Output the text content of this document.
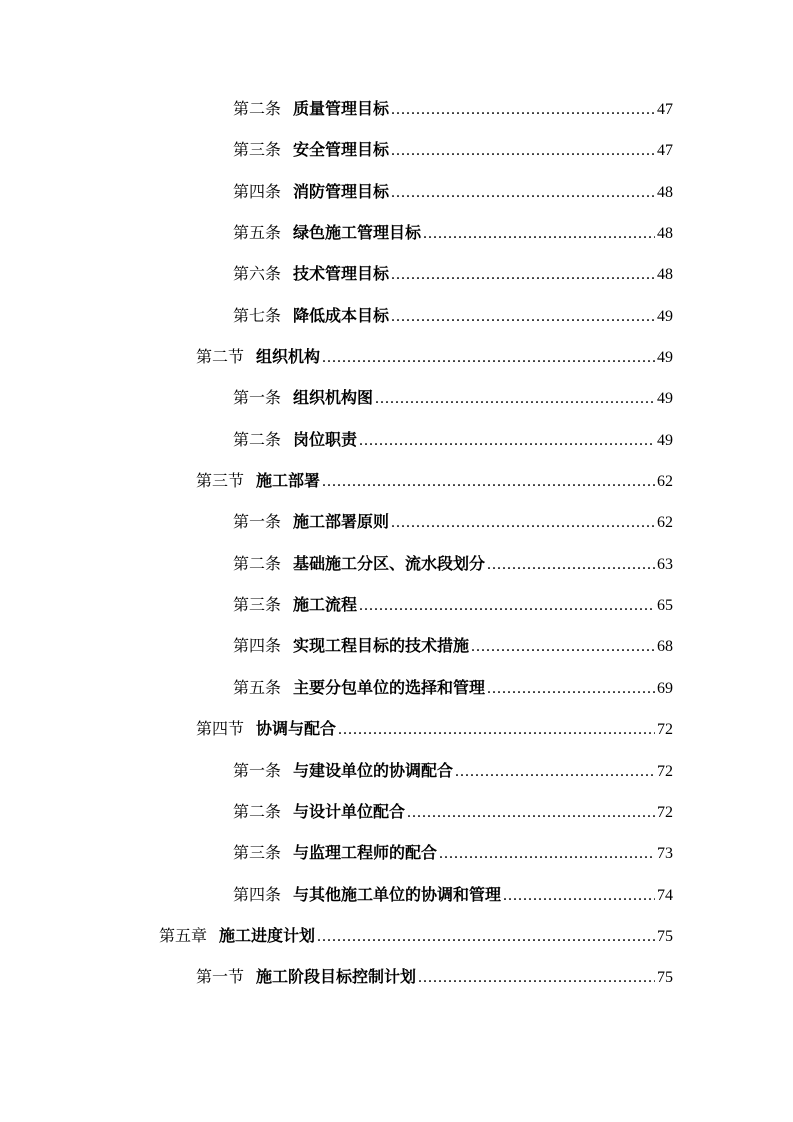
第二条 质量管理目标 .....	47
第三条 安全管理目标 .....	47
第四条 消防管理目标 .....	48
第五条 绿色施工管理目标 .....	48
第六条 技术管理目标 .....	48
第七条 降低成本目标 .....	49
第二节 组织机构 .....	49
第一条 组织机构图 .....	49
第二条 岗位职责 .....	49
第三节 施工部署 .....	62
第一条 施工部署原则 .....	62
第二条 基础施工分区、流水段划分 .....	63
第三条 施工流程 .....	65
第四条 实现工程目标的技术措施 .....	68
第五条 主要分包单位的选择和管理 .....	69
第四节 协调与配合 .....	72
第一条 与建设单位的协调配合 .....	72
第二条 与设计单位配合 .....	72
第三条 与监理工程师的配合 .....	73
第四条 与其他施工单位的协调和管理 .....	74
第五章 施工进度计划 .....	75
第一节 施工阶段目标控制计划 .....	75
